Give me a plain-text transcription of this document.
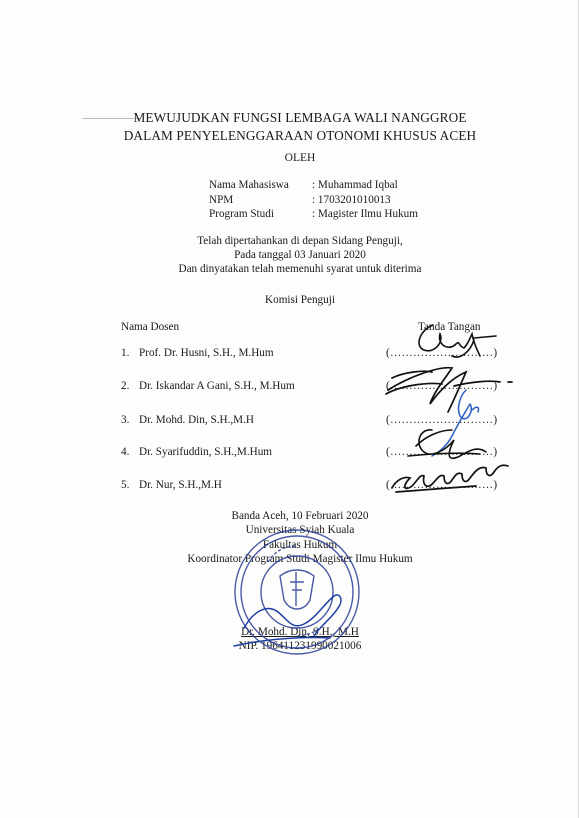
MEWUJUDKAN FUNGSI LEMBAGA WALI NANGGROE
DALAM PENYELENGGARAAN OTONOMI KHUSUS ACEH
OLEH
Nama Mahasiswa	: Muhammad Iqbal
NPM	: 1703201010013
Program Studi	: Magister Ilmu Hukum
Telah dipertahankan di depan Sidang Penguji,
Pada tanggal 03 Januari 2020
Dan dinyatakan telah memenuhi syarat untuk diterima
Komisi Penguji
Nama Dosen	Tanda Tangan
1. Prof. Dr. Husni, S.H., M.Hum	(………………………)
2. Dr. Iskandar A Gani, S.H., M.Hum	(………………………)
3. Dr. Mohd. Din, S.H.,M.H	(………………………)
4. Dr. Syarifuddin, S.H.,M.Hum	(………………………)
5. Dr. Nur, S.H.,M.H	(………………………)
Banda Aceh, 10 Februari 2020
Universitas Syiah Kuala
Fakultas Hukum
Koordinator Program Studi Magister Ilmu Hukum
Dr. Mohd. Din, S.H., M.H
NIP. 196411231990021006
